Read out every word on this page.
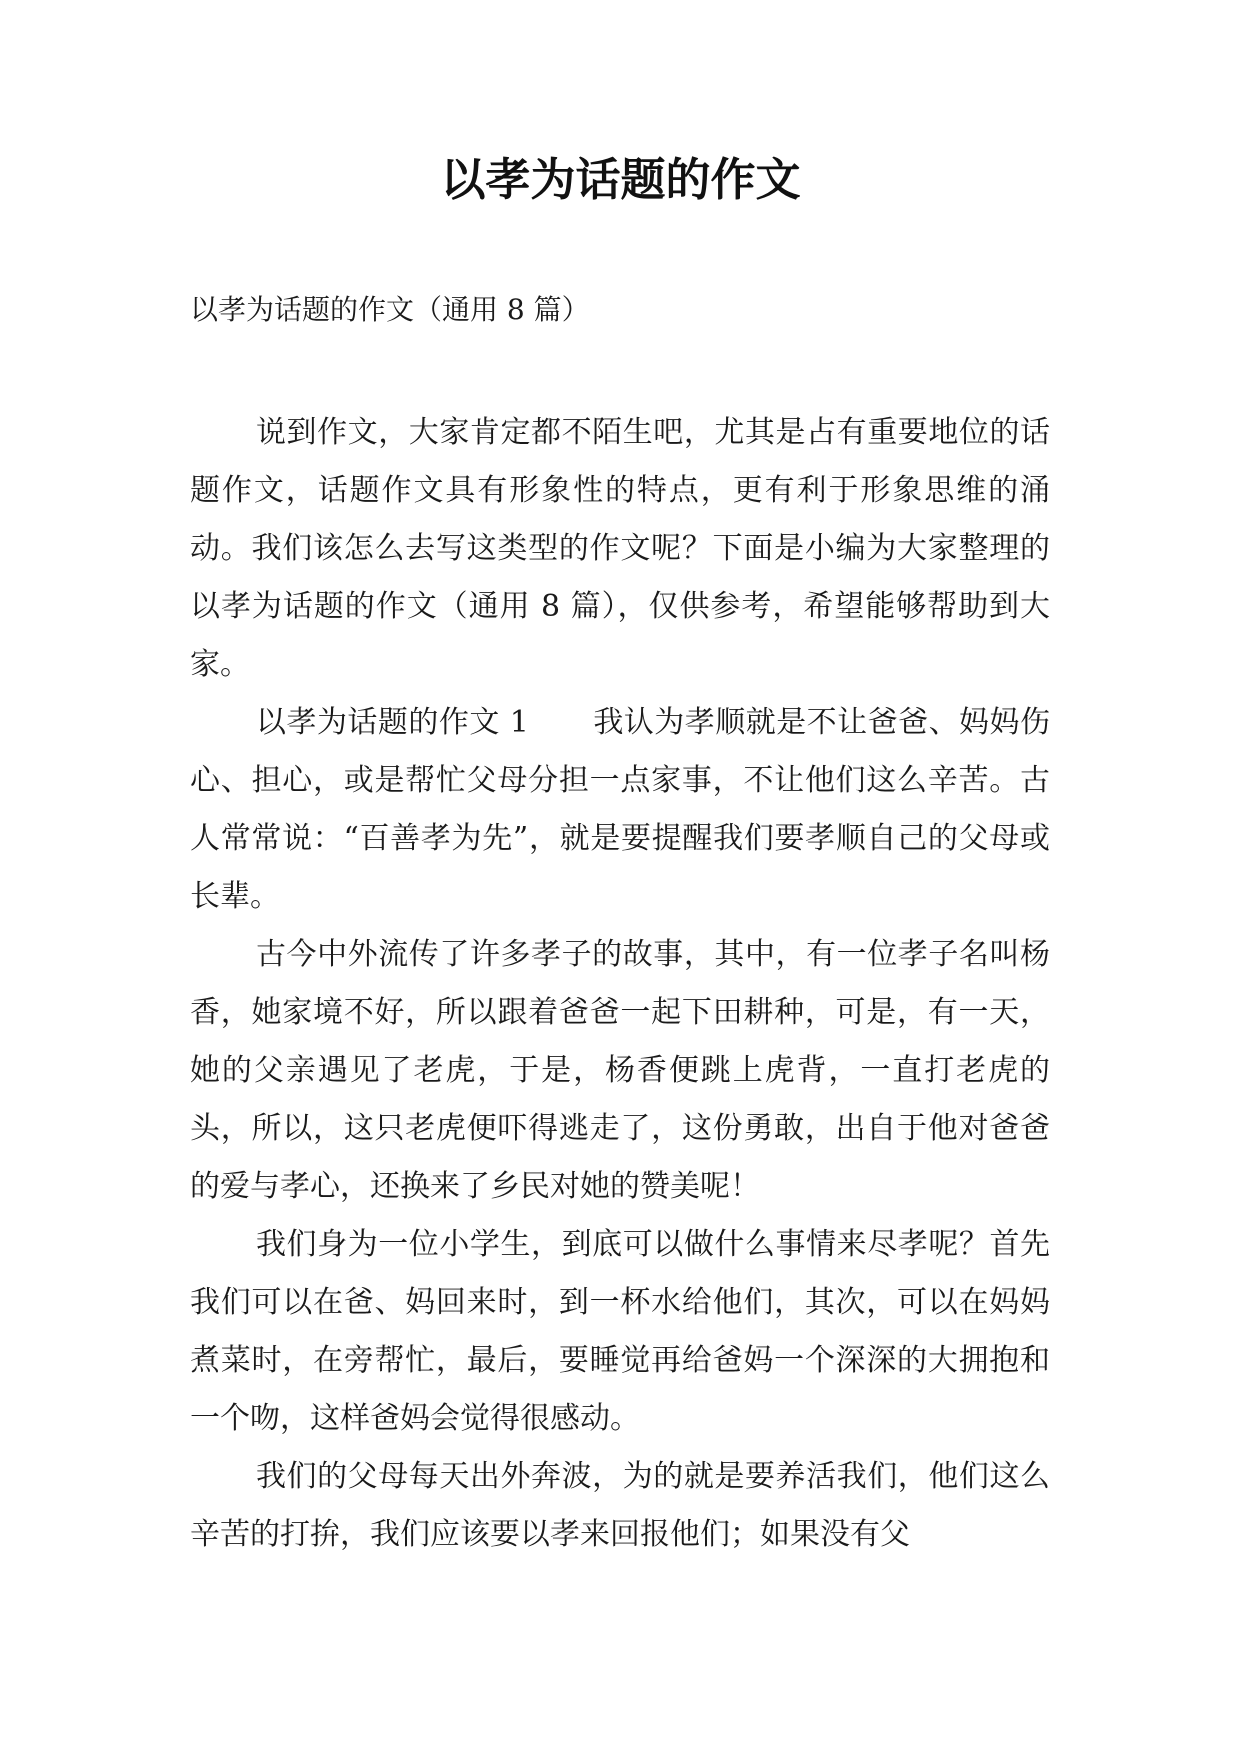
以孝为话题的作文

以孝为话题的作文（通用 8 篇）

说到作文，大家肯定都不陌生吧，尤其是占有重要地位的话题作文，话题作文具有形象性的特点，更有利于形象思维的涌动。我们该怎么去写这类型的作文呢？下面是小编为大家整理的以孝为话题的作文（通用 8 篇），仅供参考，希望能够帮助到大家。

以孝为话题的作文 1 我认为孝顺就是不让爸爸、妈妈伤心、担心，或是帮忙父母分担一点家事，不让他们这么辛苦。古人常常说：“百善孝为先”，就是要提醒我们要孝顺自己的父母或长辈。

古今中外流传了许多孝子的故事，其中，有一位孝子名叫杨香，她家境不好，所以跟着爸爸一起下田耕种，可是，有一天，她的父亲遇见了老虎，于是，杨香便跳上虎背，一直打老虎的头，所以，这只老虎便吓得逃走了，这份勇敢，出自于他对爸爸的爱与孝心，还换来了乡民对她的赞美呢！

我们身为一位小学生，到底可以做什么事情来尽孝呢？首先我们可以在爸、妈回来时，到一杯水给他们，其次，可以在妈妈煮菜时，在旁帮忙，最后，要睡觉再给爸妈一个深深的大拥抱和一个吻，这样爸妈会觉得很感动。

我们的父母每天出外奔波，为的就是要养活我们，他们这么辛苦的打拚，我们应该要以孝来回报他们；如果没有父
